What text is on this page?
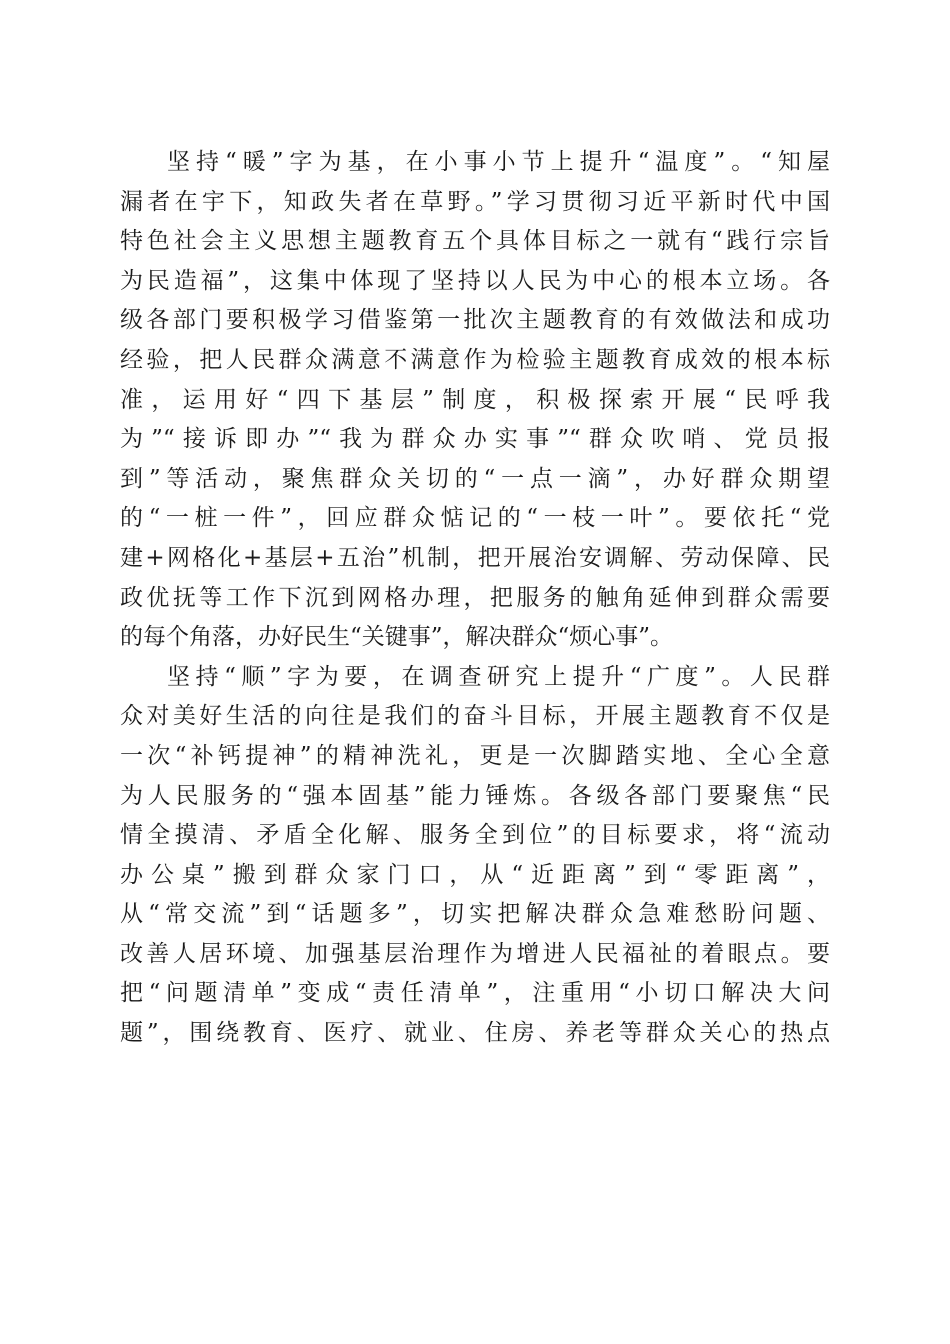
坚持“暖”字为基，在小事小节上提升“温度”。“知屋
漏者在宇下，知政失者在草野。”学习贯彻习近平新时代中国
特色社会主义思想主题教育五个具体目标之一就有“践行宗旨
为民造福”，这集中体现了坚持以人民为中心的根本立场。各
级各部门要积极学习借鉴第一批次主题教育的有效做法和成功
经验，把人民群众满意不满意作为检验主题教育成效的根本标
准，运用好“四下基层”制度，积极探索开展“民呼我
为”“接诉即办”“我为群众办实事”“群众吹哨、党员报
到”等活动，聚焦群众关切的“一点一滴”，办好群众期望
的“一桩一件”，回应群众惦记的“一枝一叶”。要依托“党
建+网格化+基层+五治”机制，把开展治安调解、劳动保障、民
政优抚等工作下沉到网格办理，把服务的触角延伸到群众需要
的每个角落，办好民生“关键事”，解决群众“烦心事”。
坚持“顺”字为要，在调查研究上提升“广度”。人民群
众对美好生活的向往是我们的奋斗目标，开展主题教育不仅是
一次“补钙提神”的精神洗礼，更是一次脚踏实地、全心全意
为人民服务的“强本固基”能力锤炼。各级各部门要聚焦“民
情全摸清、矛盾全化解、服务全到位”的目标要求，将“流动
办公桌”搬到群众家门口，从“近距离”到“零距离”，
从“常交流”到“话题多”，切实把解决群众急难愁盼问题、
改善人居环境、加强基层治理作为增进人民福祉的着眼点。要
把“问题清单”变成“责任清单”，注重用“小切口解决大问
题”，围绕教育、医疗、就业、住房、养老等群众关心的热点
